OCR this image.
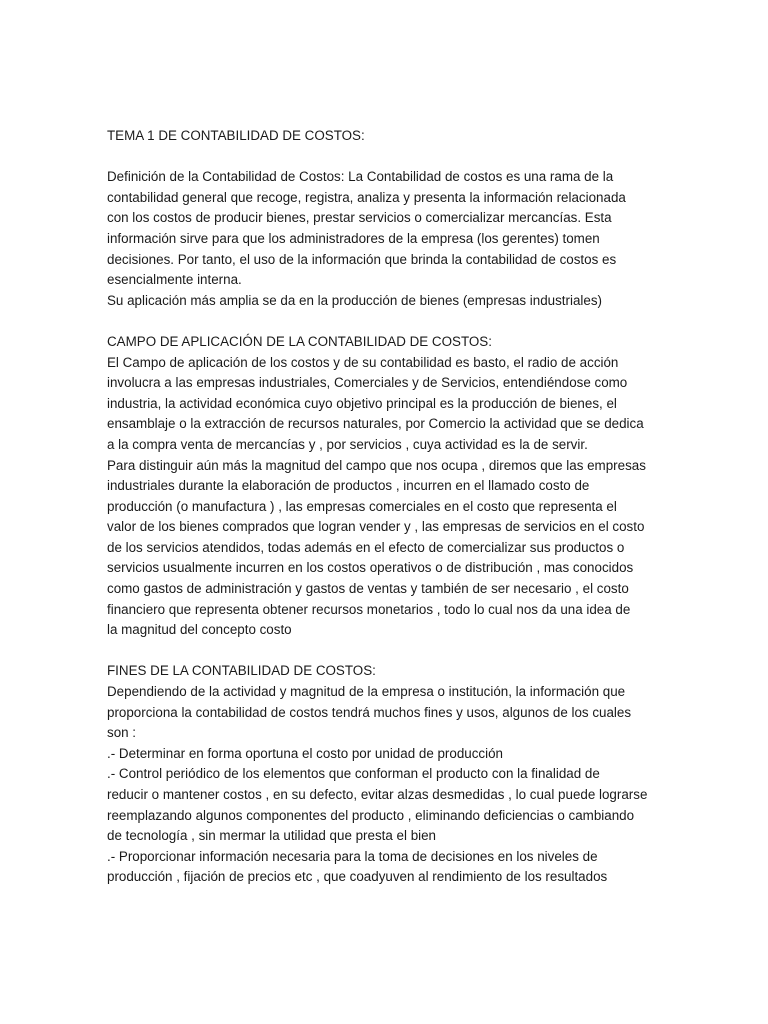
TEMA 1 DE CONTABILIDAD DE COSTOS:
Definición de la Contabilidad de Costos: La Contabilidad de costos es una rama de la
contabilidad general que recoge, registra, analiza y presenta la información relacionada
con los costos de producir bienes, prestar servicios o comercializar mercancías. Esta
información sirve para que los administradores de la empresa (los gerentes) tomen
decisiones. Por tanto, el uso de la información que brinda la contabilidad de costos es
esencialmente interna.
Su aplicación más amplia se da en la producción de bienes (empresas industriales)
CAMPO DE APLICACIÓN DE LA CONTABILIDAD DE COSTOS:
El Campo de aplicación de los costos y de su contabilidad es basto, el radio de acción
involucra a las empresas industriales, Comerciales y de Servicios, entendiéndose como
industria, la actividad económica cuyo objetivo principal es la producción de bienes, el
ensamblaje o la extracción de recursos naturales, por Comercio la actividad que se dedica
a la compra venta de mercancías y , por servicios , cuya actividad es la de servir.
Para distinguir aún más la magnitud del campo que nos ocupa , diremos que las empresas
industriales durante la elaboración de productos , incurren en el llamado costo de
producción (o manufactura ) , las empresas comerciales en el costo que representa el
valor de los bienes comprados que logran vender y , las empresas de servicios en el costo
de los servicios atendidos, todas además en el efecto de comercializar sus productos o
servicios usualmente incurren en los costos operativos o de distribución , mas conocidos
como gastos de administración y gastos de ventas y también de ser necesario , el costo
financiero que representa obtener recursos monetarios , todo lo cual nos da una idea de
la magnitud del concepto costo
FINES DE LA CONTABILIDAD DE COSTOS:
Dependiendo de la actividad y magnitud de la empresa o institución, la información que
proporciona la contabilidad de costos tendrá muchos fines y usos, algunos de los cuales
son :
.- Determinar en forma oportuna el costo por unidad de producción
.- Control periódico de los elementos que conforman el producto con la finalidad de
reducir o mantener costos , en su defecto, evitar alzas desmedidas , lo cual puede lograrse
reemplazando algunos componentes del producto , eliminando deficiencias o cambiando
de tecnología , sin mermar la utilidad que presta el bien
.- Proporcionar información necesaria para la toma de decisiones en los niveles de
producción , fijación de precios etc , que coadyuven al rendimiento de los resultados
